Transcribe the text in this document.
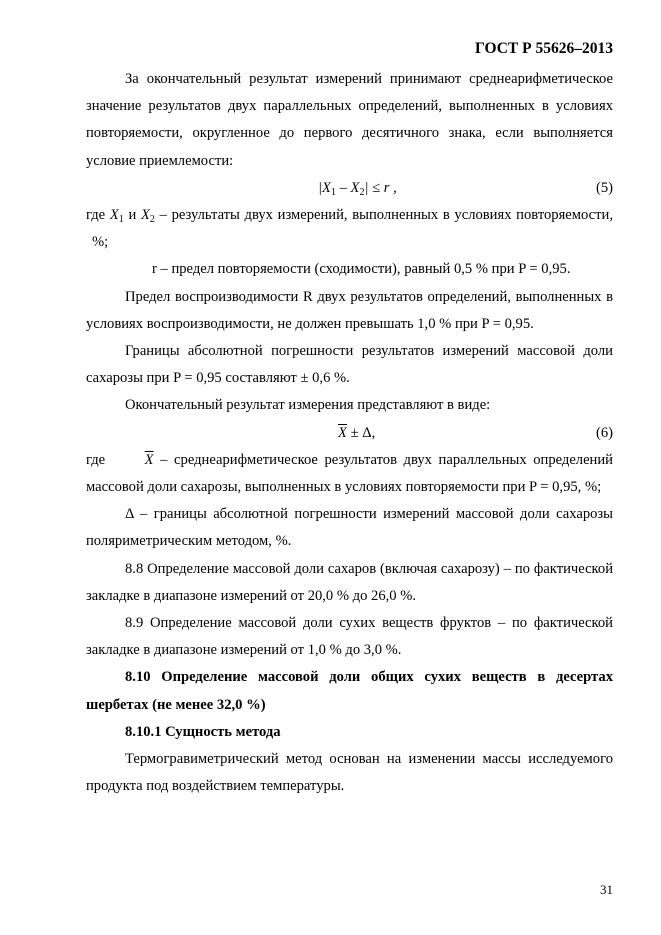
ГОСТ Р 55626–2013

За окончательный результат измерений принимают среднеарифметическое значение результатов двух параллельных определений, выполненных в условиях повторяемости, округленное до первого десятичного знака, если выполняется условие приемлемости:

$|X_1 - X_2| \le r$ ,	(5)

где $X_1$ и $X_2$ – результаты двух измерений, выполненных в условиях повторяемости, %;

r – предел повторяемости (сходимости), равный 0,5 % при P = 0,95.

Предел воспроизводимости R двух результатов определений, выполненных в условиях воспроизводимости, не должен превышать 1,0 % при P = 0,95.

Границы абсолютной погрешности результатов измерений массовой доли сахарозы при P = 0,95 составляют ± 0,6 %.

Окончательный результат измерения представляют в виде:

$\overline{X} \pm \Delta$,	(6)

где	$\overline{X}$ – среднеарифметическое результатов двух параллельных определений массовой доли сахарозы, выполненных в условиях повторяемости при P = 0,95, %;

Δ – границы абсолютной погрешности измерений массовой доли сахарозы поляриметрическим методом, %.

8.8 Определение массовой доли сахаров (включая сахарозу) – по фактической закладке в диапазоне измерений от 20,0 % до 26,0 %.

8.9 Определение массовой доли сухих веществ фруктов – по фактической закладке в диапазоне измерений от 1,0 % до 3,0 %.

8.10 Определение массовой доли общих сухих веществ в десертах шербетах (не менее 32,0 %)

8.10.1 Сущность метода

Термогравиметрический метод основан на изменении массы исследуемого продукта под воздействием температуры.

31
